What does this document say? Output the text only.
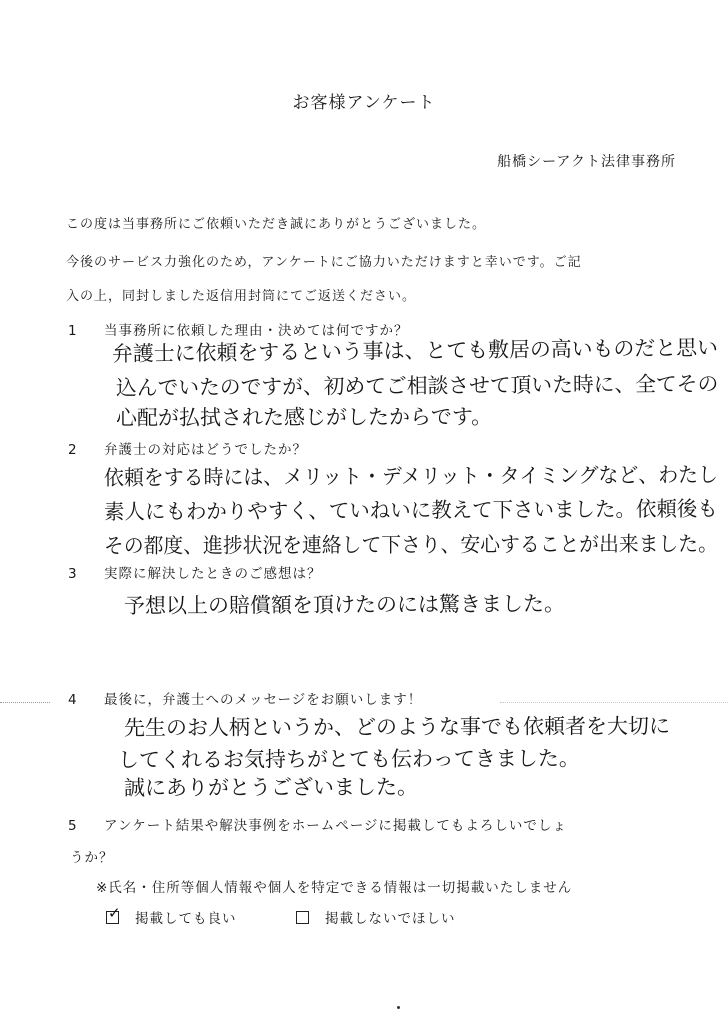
お客様アンケート
船橋シーアクト法律事務所
この度は当事務所にご依頼いただき誠にありがとうございました。
今後のサービス力強化のため，アンケートにご協力いただけますと幸いです。ご記
入の上，同封しました返信用封筒にてご返送ください。
1 当事務所に依頼した理由・決めては何ですか？
弁護士に依頼をするという事は、とても敷居の高いものだと思い
込んでいたのですが、初めてご相談させて頂いた時に、全てその
心配が払拭された感じがしたからです。
2 弁護士の対応はどうでしたか？
依頼をする時には、メリット・デメリット・タイミングなど、わたし
素人にもわかりやすく、ていねいに教えて下さいました。依頼後も
その都度、進捗状況を連絡して下さり、安心することが出来ました。
3 実際に解決したときのご感想は？
予想以上の賠償額を頂けたのには驚きました。
4 最後に，弁護士へのメッセージをお願いします！
先生のお人柄というか、どのような事でも依頼者を大切に
してくれるお気持ちがとても伝わってきました。
誠にありがとうございました。
5 アンケート結果や解決事例をホームページに掲載してもよろしいでしょ
うか？
※氏名・住所等個人情報や個人を特定できる情報は一切掲載いたしません
✓ 掲載しても良い	掲載しないでほしい
